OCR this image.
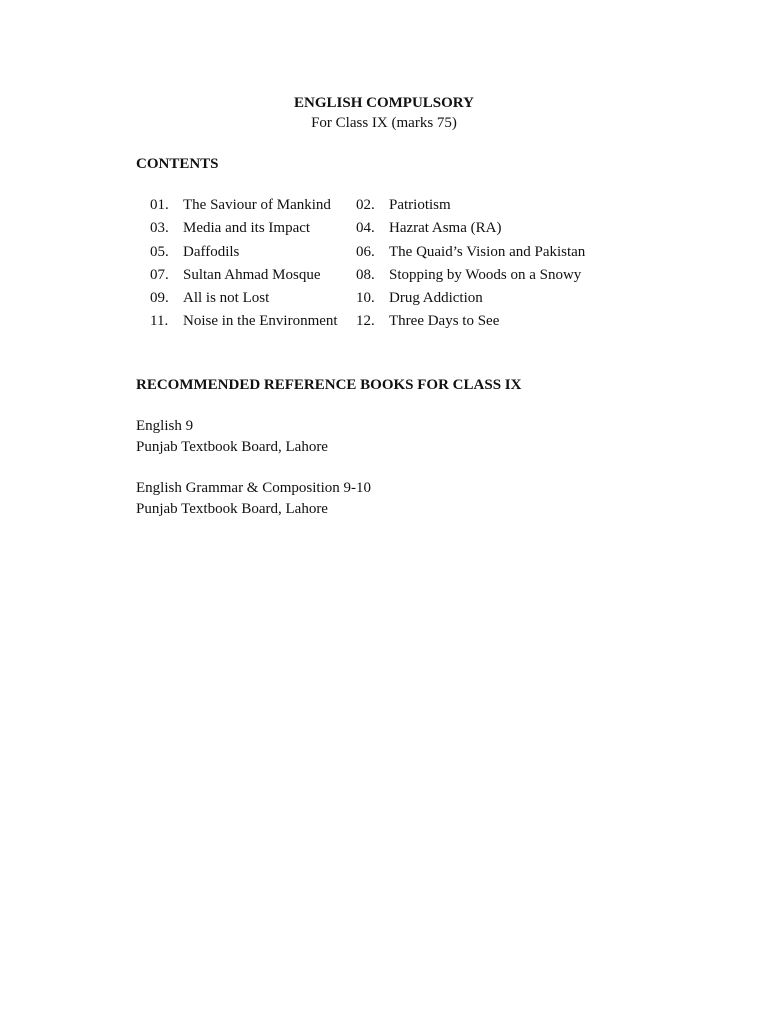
ENGLISH COMPULSORY
For Class IX (marks 75)
CONTENTS
01. The Saviour of Mankind 02. Patriotism
03. Media and its Impact	04. Hazrat Asma (RA)
05. Daffodils	06. The Quaid’s Vision and Pakistan
07. Sultan Ahmad Mosque 08. Stopping by Woods on a Snowy
09. All is not Lost	10. Drug Addiction
11. Noise in the Environment 12. Three Days to See
RECOMMENDED REFERENCE BOOKS FOR CLASS IX
English 9
Punjab Textbook Board, Lahore
English Grammar & Composition 9-10
Punjab Textbook Board, Lahore
